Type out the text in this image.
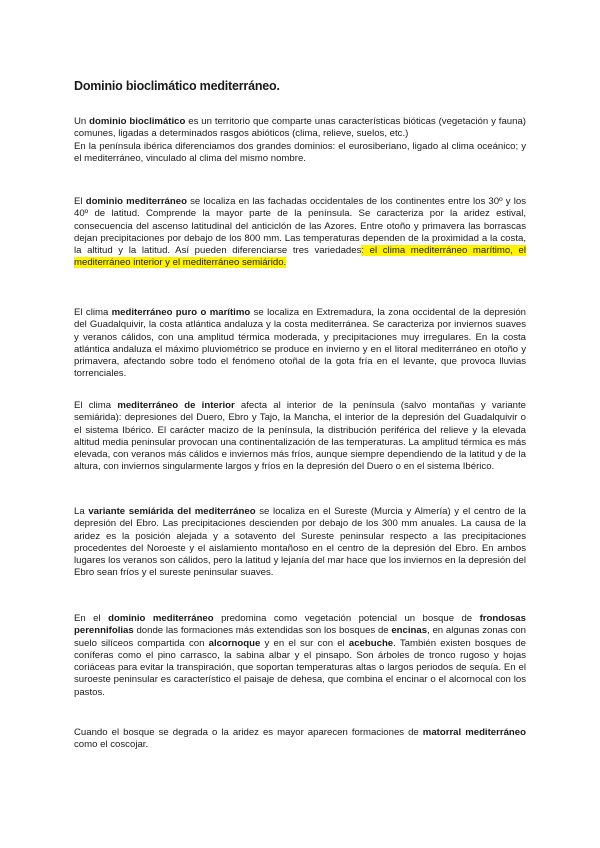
Dominio bioclimático mediterráneo.

Un dominio bioclimático es un territorio que comparte unas características bióticas (vegetación y fauna) comunes, ligadas a determinados rasgos abióticos (clima, relieve, suelos, etc.)
En la península ibérica diferenciamos dos grandes dominios: el eurosiberiano, ligado al clima oceánico; y el mediterráneo, vinculado al clima del mismo nombre.

El dominio mediterráneo se localiza en las fachadas occidentales de los continentes entre los 30º y los 40º de latitud. Comprende la mayor parte de la península. Se caracteriza por la aridez estival, consecuencia del ascenso latitudinal del anticiclón de las Azores. Entre otoño y primavera las borrascas dejan precipitaciones por debajo de los 800 mm. Las temperaturas dependen de la proximidad a la costa, la altitud y la latitud. Así pueden diferenciarse tres variedades: el clima mediterráneo marítimo, el mediterráneo interior y el mediterráneo semiárido.

El clima mediterráneo puro o marítimo se localiza en Extremadura, la zona occidental de la depresión del Guadalquivir, la costa atlántica andaluza y la costa mediterránea. Se caracteriza por inviernos suaves y veranos cálidos, con una amplitud térmica moderada, y precipitaciones muy irregulares. En la costa atlántica andaluza el máximo pluviométrico se produce en invierno y en el litoral mediterráneo en otoño y primavera, afectando sobre todo el fenómeno otoñal de la gota fría en el levante, que provoca lluvias torrenciales.

El clima mediterráneo de interior afecta al interior de la península (salvo montañas y variante semiárida): depresiones del Duero, Ebro y Tajo, la Mancha, el interior de la depresión del Guadalquivir o el sistema Ibérico. El carácter macizo de la península, la distribución periférica del relieve y la elevada altitud media peninsular provocan una continentalización de las temperaturas. La amplitud térmica es más elevada, con veranos más cálidos e inviernos más fríos, aunque siempre dependiendo de la latitud y de la altura, con inviernos singularmente largos y fríos en la depresión del Duero o en el sistema Ibérico.

La variante semiárida del mediterráneo se localiza en el Sureste (Murcia y Almería) y el centro de la depresión del Ebro. Las precipitaciones descienden por debajo de los 300 mm anuales. La causa de la aridez es la posición alejada y a sotavento del Sureste peninsular respecto a las precipitaciones procedentes del Noroeste y el aislamiento montañoso en el centro de la depresión del Ebro. En ambos lugares los veranos son cálidos, pero la latitud y lejanía del mar hace que los inviernos en la depresión del Ebro sean fríos y el sureste peninsular suaves.

En el dominio mediterráneo predomina como vegetación potencial un bosque de frondosas perennifolias donde las formaciones más extendidas son los bosques de encinas, en algunas zonas con suelo silíceos compartida con alcornoque y en el sur con el acebuche. También existen bosques de coníferas como el pino carrasco, la sabina albar y el pinsapo. Son árboles de tronco rugoso y hojas coriáceas para evitar la transpiración, que soportan temperaturas altas o largos periodos de sequía. En el suroeste peninsular es característico el paisaje de dehesa, que combina el encinar o el alcornocal con los pastos.

Cuando el bosque se degrada o la aridez es mayor aparecen formaciones de matorral mediterráneo como el coscojar.
